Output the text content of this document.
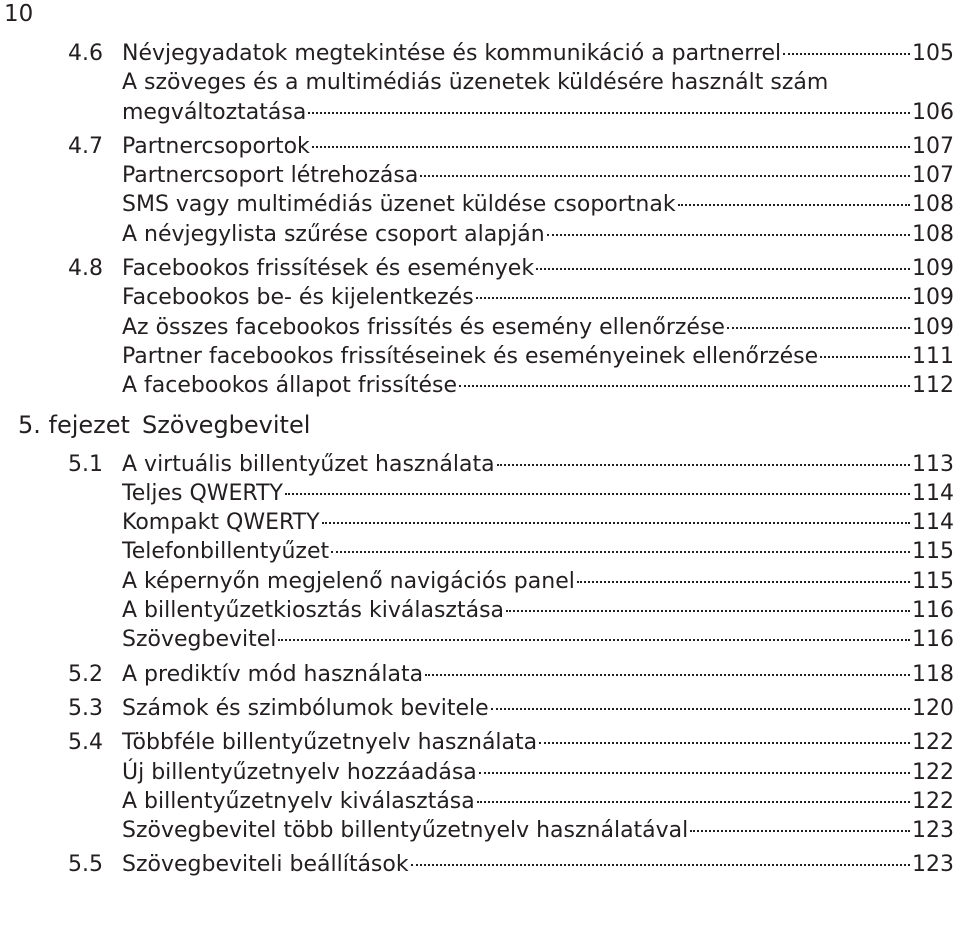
10
4.6 Névjegyadatok megtekintése és kommunikáció a partnerrel	105
A szöveges és a multimédiás üzenetek küldésére használt szám
megváltoztatása	106
4.7 Partnercsoportok	107
Partnercsoport létrehozása	107
SMS vagy multimédiás üzenet küldése csoportnak	108
A névjegylista szűrése csoport alapján	108
4.8 Facebookos frissítések és események	109
Facebookos be- és kijelentkezés	109
Az összes facebookos frissítés és esemény ellenőrzése	109
Partner facebookos frissítéseinek és eseményeinek ellenőrzése	111
A facebookos állapot frissítése	112
5. fejezet Szövegbevitel
5.1 A virtuális billentyűzet használata	113
Teljes QWERTY	114
Kompakt QWERTY	114
Telefonbillentyűzet	115
A képernyőn megjelenő navigációs panel	115
A billentyűzetkiosztás kiválasztása	116
Szövegbevitel	116
5.2 A prediktív mód használata	118
5.3 Számok és szimbólumok bevitele	120
5.4 Többféle billentyűzetnyelv használata	122
Új billentyűzetnyelv hozzáadása	122
A billentyűzetnyelv kiválasztása	122
Szövegbevitel több billentyűzetnyelv használatával	123
5.5 Szövegbeviteli beállítások	123
